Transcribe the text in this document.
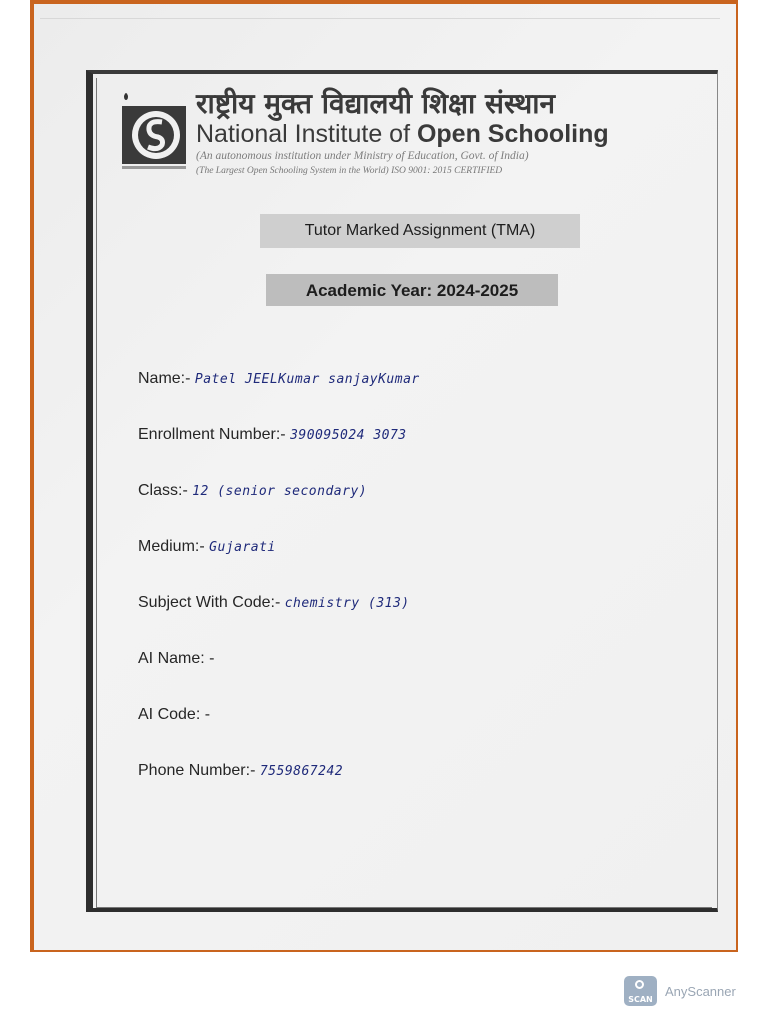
राष्ट्रीय मुक्त विद्यालयी शिक्षा संस्थान
National Institute of Open Schooling
(An autonomous institution under Ministry of Education, Govt. of India)
(The Largest Open Schooling System in the World) ISO 9001: 2015 CERTIFIED
Tutor Marked Assignment (TMA)
Academic Year: 2024-2025
Name:- Patel JEELKumar sanjayKumar
Enrollment Number:- 390095024 3073
Class:- 12 (senior secondary)
Medium:- Gujarati
Subject With Code:- chemistry (313)
AI Name: -
AI Code: -
Phone Number:- 7559867242
SCAN
AnyScanner
